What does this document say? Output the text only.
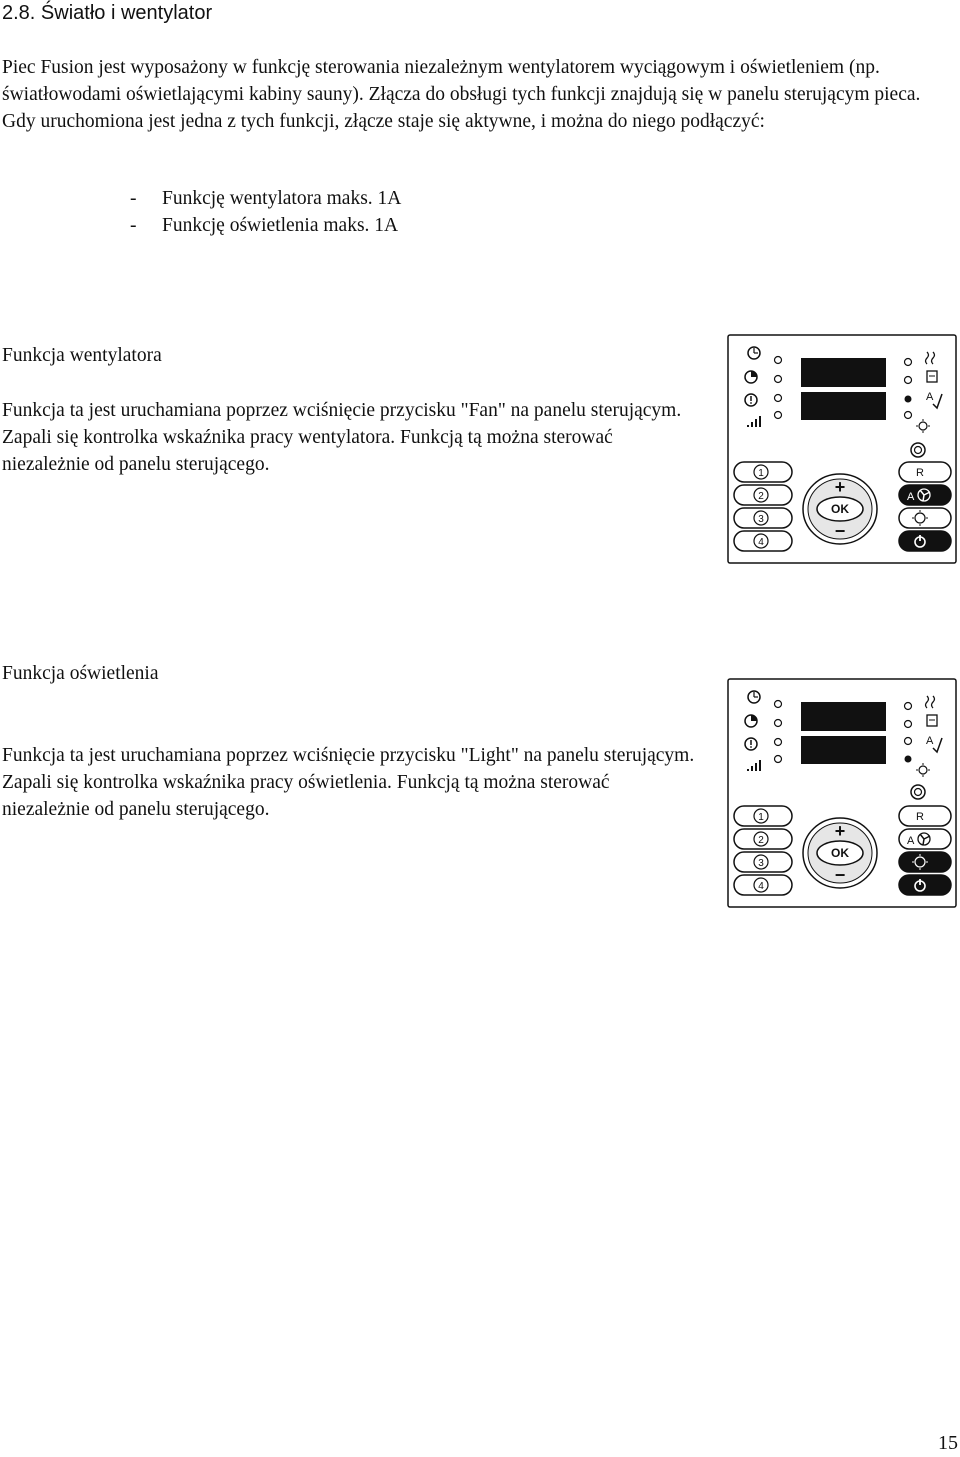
2.8. Światło i wentylator

Piec Fusion jest wyposażony w funkcję sterowania niezależnym wentylatorem wyciągowym i oświetleniem (np. światłowodami oświetlającymi kabiny sauny). Złącza do obsługi tych funkcji znajdują się w panelu sterującym pieca. Gdy uruchomiona jest jedna z tych funkcji, złącze staje się aktywne, i można do niego podłączyć:

-	Funkcję wentylatora maks. 1A
-	Funkcję oświetlenia maks. 1A
Funkcja wentylatora

Funkcja ta jest uruchamiana poprzez wciśnięcie przycisku "Fan" na panelu sterującym. Zapali się kontrolka wskaźnika pracy wentylatora. Funkcją tą można sterować niezależnie od panelu sterującego.

Funkcja oświetlenia

Funkcja ta jest uruchamiana poprzez wciśnięcie przycisku "Light" na panelu sterującym. Zapali się kontrolka wskaźnika pracy oświetlenia. Funkcją tą można sterować niezależnie od panelu sterującego.

A
1
2
3
4
+
OK
−
R
A
A
1
2
3
4
+
OK
−
R
A
15
